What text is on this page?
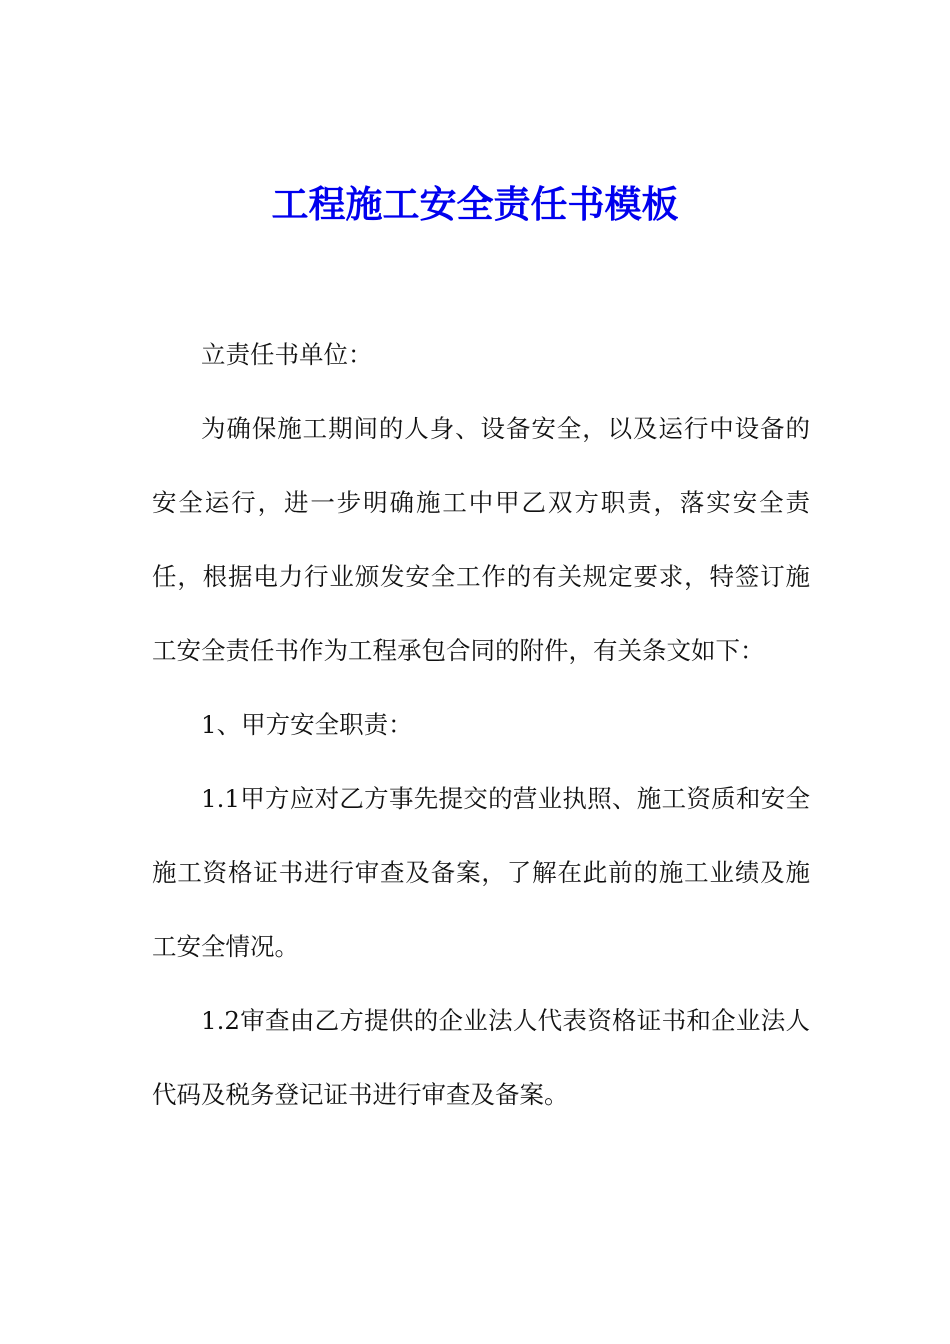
工程施工安全责任书模板

立责任书单位：

为确保施工期间的人身、设备安全，以及运行中设备的安全运行，进一步明确施工中甲乙双方职责，落实安全责任，根据电力行业颁发安全工作的有关规定要求，特签订施工安全责任书作为工程承包合同的附件，有关条文如下：

1、甲方安全职责：

1.1甲方应对乙方事先提交的营业执照、施工资质和安全施工资格证书进行审查及备案，了解在此前的施工业绩及施工安全情况。

1.2审查由乙方提供的企业法人代表资格证书和企业法人代码及税务登记证书进行审查及备案。
